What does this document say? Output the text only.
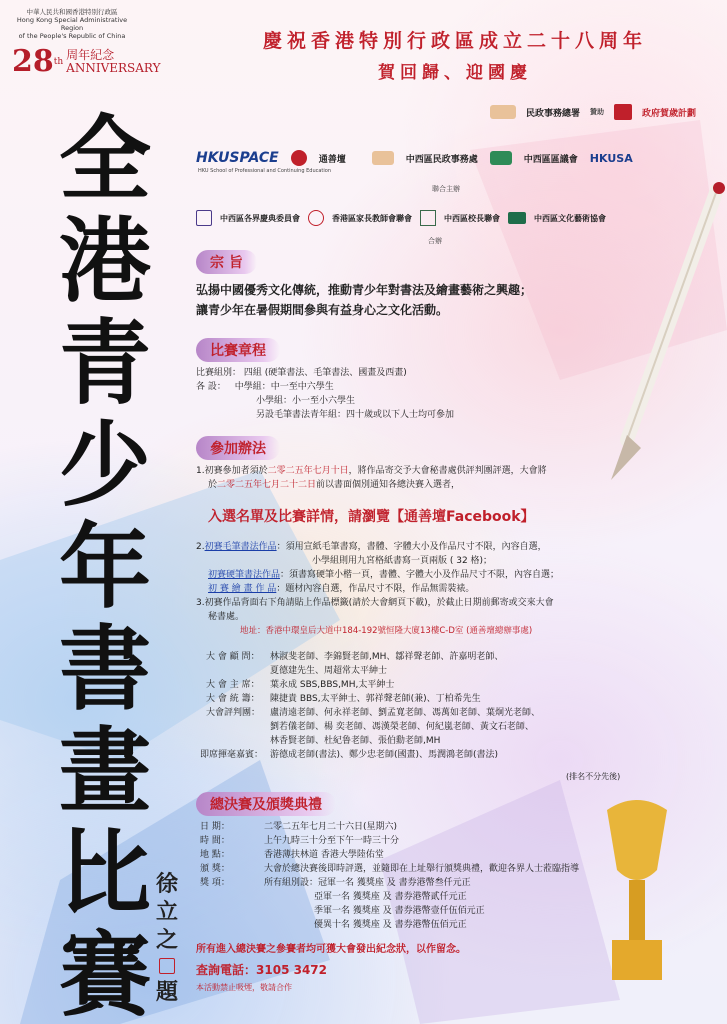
中華人民共和國香港特別行政區
Hong Kong Special Administrative Region
of the People's Republic of China
28 th 周年紀念
ANNIVERSARY
慶祝香港特別行政區成立二十八周年
賀回歸、迎國慶
民政事務總署 贊助	政府賀歲計劃
HKUSPACE	通善壇	中西區民政事務處	中西區區議會 HKUSA
HKU School of Professional and Continuing Education
聯合主辦
中西區各界慶典委員會	香港區家長教師會聯會	中西區校長聯會	中西區文化藝術協會
合辦
全
港
青
少
年
書
畫
比
賽
徐
立
之
題
宗 旨
弘揚中國優秀文化傳統，推動青少年對書法及繪畫藝術之興趣；
讓青少年在暑假期間參與有益身心之文化活動。
比賽章程
比賽組別： 四組 (硬筆書法、毛筆書法、國畫及西畫)
各 設： 中學組：中一至中六學生
小學組：小一至小六學生
另設毛筆書法青年組：四十歲或以下人士均可參加
參加辦法
1.初賽參加者須於二零二五年七月十日，將作品寄交予大會秘書處供評判團評選，大會將
於二零二五年七月二十二日前以書面個別通知各總決賽入選者，
入選名單及比賽詳情，請瀏覽【通善壇Facebook】
2.初賽毛筆書法作品：須用宣紙毛筆書寫，書體、字體大小及作品尺寸不限，內容自選，
小學組則用九宮格紙書寫一頁兩版 ( 32 格)；
初賽硬筆書法作品：須書寫硬筆小楷一頁，書體、字體大小及作品尺寸不限，內容自選；
初 賽 繪 畫 作 品：題材內容自選，作品尺寸不限，作品無需裝裱。
3.初賽作品背面右下角請貼上作品標籤(請於大會網頁下載)，於截止日期前郵寄或交來大會
秘書處。
地址：香港中環皇后大道中184-192號恒隆大廈13樓C-D室 (通善壇總辦事處)
大 會 顧 問： 林淑斐老師、李錦賢老師,MH、鄒祥聲老師、許嘉明老師、
夏德建先生、周超常太平紳士
大 會 主 席： 葉永成 SBS,BBS,MH,太平紳士
大 會 統 籌： 陳捷貴 BBS,太平紳士、郭祥聲老師(兼)、丁柏希先生
大會評判團： 盧清遠老師、何永祥老師、劉孟寬老師、馮萬如老師、葉炯光老師、
劉若儀老師、楊 奕老師、馮漢榮老師、何紀嵐老師、黃文石老師、
林香賢老師、杜紀鲁老師、張伯勳老師,MH
即席揮毫嘉賓： 游德成老師(書法)、鄭少忠老師(國畫)、馬潤鴻老師(書法)
(排名不分先後)
總決賽及頒獎典禮
日 期：	二零二五年七月二十六日(星期六)
時 間：	上午九時三十分至下午一時三十分
地 點：	香港薄扶林道 香港大學陸佑堂
頒 獎：	大會於總決賽後即時評選，並隨即在上址舉行頒獎典禮，歡迎各界人士蒞臨指導
獎 項：	所有組別設：冠軍一名 獲獎座 及 書券港幣叁仟元正
亞軍一名 獲獎座 及 書券港幣貳仟元正
季軍一名 獲獎座 及 書券港幣壹仟伍佰元正
優異十名 獲獎座 及 書券港幣伍佰元正
所有進入總決賽之參賽者均可獲大會發出紀念狀，以作留念。
查詢電話：3105 3472
本活動禁止吸煙，敬請合作
